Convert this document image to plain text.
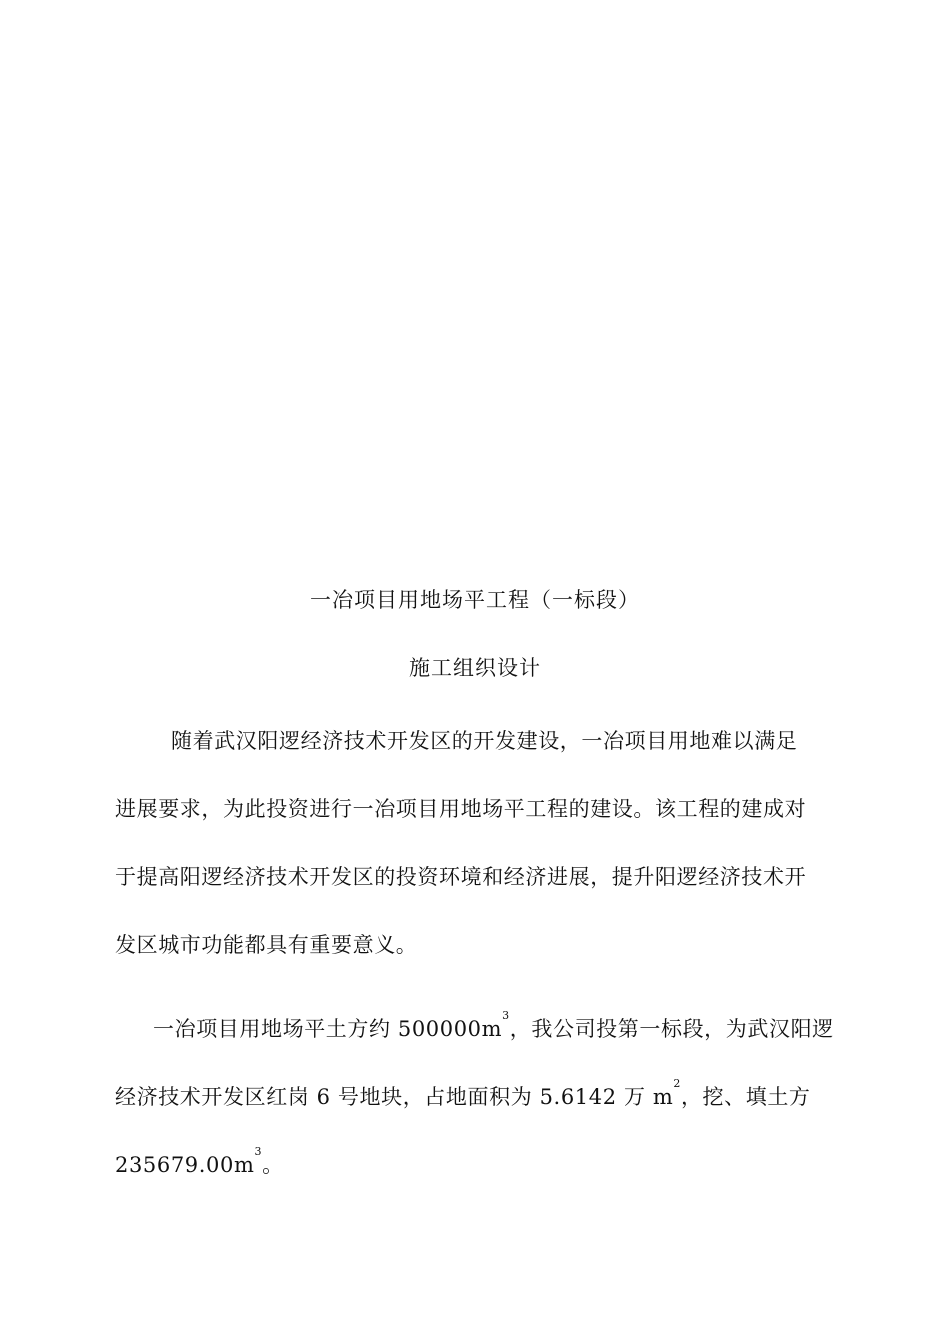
一冶项目用地场平工程（一标段）
施工组织设计
随着武汉阳逻经济技术开发区的开发建设，一冶项目用地难以满足
进展要求，为此投资进行一冶项目用地场平工程的建设。该工程的建成对
于提高阳逻经济技术开发区的投资环境和经济进展，提升阳逻经济技术开
发区城市功能都具有重要意义。
一冶项目用地场平土方约 500000m
3
，我公司投第一标段，为武汉阳逻
经济技术开发区红岗 6 号地块，占地面积为 5.6142 万 m
2
，挖、填土方
235679.00m
3
。
